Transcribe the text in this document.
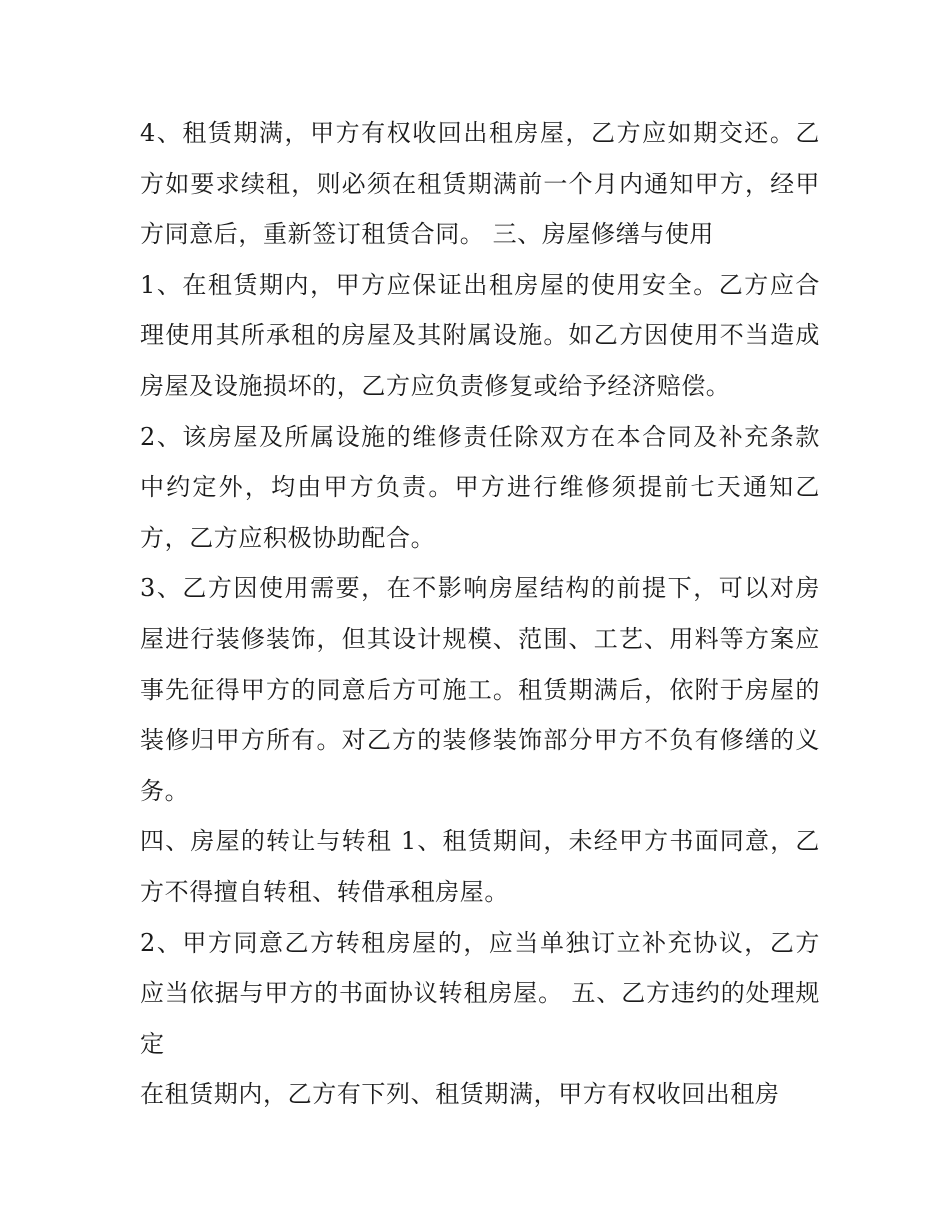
4、租赁期满，甲方有权收回出租房屋，乙方应如期交还。乙方如要求续租，则必须在租赁期满前一个月内通知甲方，经甲方同意后，重新签订租赁合同。 三、房屋修缮与使用

1、在租赁期内，甲方应保证出租房屋的使用安全。乙方应合理使用其所承租的房屋及其附属设施。如乙方因使用不当造成房屋及设施损坏的，乙方应负责修复或给予经济赔偿。

2、该房屋及所属设施的维修责任除双方在本合同及补充条款中约定外，均由甲方负责。甲方进行维修须提前七天通知乙方，乙方应积极协助配合。

3、乙方因使用需要，在不影响房屋结构的前提下，可以对房屋进行装修装饰，但其设计规模、范围、工艺、用料等方案应事先征得甲方的同意后方可施工。租赁期满后，依附于房屋的装修归甲方所有。对乙方的装修装饰部分甲方不负有修缮的义务。

四、房屋的转让与转租 1、租赁期间，未经甲方书面同意，乙方不得擅自转租、转借承租房屋。

2、甲方同意乙方转租房屋的，应当单独订立补充协议，乙方应当依据与甲方的书面协议转租房屋。 五、乙方违约的处理规定

在租赁期内，乙方有下列、租赁期满，甲方有权收回出租房
